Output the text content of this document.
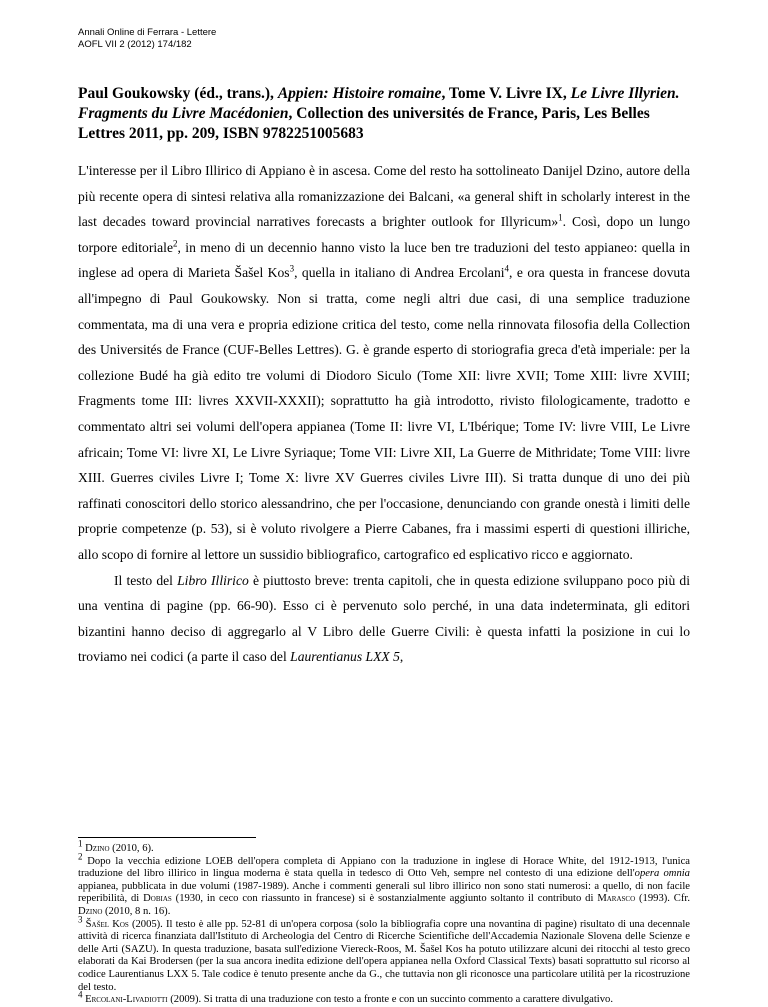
Annali Online di Ferrara - Lettere
AOFL VII 2 (2012) 174/182
Paul Goukowsky (éd., trans.), Appien: Histoire romaine, Tome V. Livre IX, Le Livre Illyrien. Fragments du Livre Macédonien, Collection des universités de France, Paris, Les Belles Lettres 2011, pp. 209, ISBN 9782251005683

L'interesse per il Libro Illirico di Appiano è in ascesa. Come del resto ha sottolineato Danijel Dzino, autore della più recente opera di sintesi relativa alla romanizzazione dei Balcani, «a general shift in scholarly interest in the last decades toward provincial narratives forecasts a brighter outlook for Illyricum»$^1$. Così, dopo un lungo torpore editoriale$^2$, in meno di un decennio hanno visto la luce ben tre traduzioni del testo appianeo: quella in inglese ad opera di Marieta Šašel Kos$^3$, quella in italiano di Andrea Ercolani$^4$, e ora questa in francese dovuta all'impegno di Paul Goukowsky. Non si tratta, come negli altri due casi, di una semplice traduzione commentata, ma di una vera e propria edizione critica del testo, come nella rinnovata filosofia della Collection des Universités de France (CUF-Belles Lettres). G. è grande esperto di storiografia greca d'età imperiale: per la collezione Budé ha già edito tre volumi di Diodoro Siculo (Tome XII: livre XVII; Tome XIII: livre XVIII; Fragments tome III: livres XXVII-XXXII); soprattutto ha già introdotto, rivisto filologicamente, tradotto e commentato altri sei volumi dell'opera appianea (Tome II: livre VI, L'Ibérique; Tome IV: livre VIII, Le Livre africain; Tome VI: livre XI, Le Livre Syriaque; Tome VII: Livre XII, La Guerre de Mithridate; Tome VIII: livre XIII. Guerres civiles Livre I; Tome X: livre XV Guerres civiles Livre III). Si tratta dunque di uno dei più raffinati conoscitori dello storico alessandrino, che per l'occasione, denunciando con grande onestà i limiti delle proprie competenze (p. 53), si è voluto rivolgere a Pierre Cabanes, fra i massimi esperti di questioni illiriche, allo scopo di fornire al lettore un sussidio bibliografico, cartografico ed esplicativo ricco e aggiornato.

Il testo del Libro Illirico è piuttosto breve: trenta capitoli, che in questa edizione sviluppano poco più di una ventina di pagine (pp. 66-90). Esso ci è pervenuto solo perché, in una data indeterminata, gli editori bizantini hanno deciso di aggregarlo al V Libro delle Guerre Civili: è questa infatti la posizione in cui lo troviamo nei codici (a parte il caso del Laurentianus LXX 5,

$^1$ Dzino (2010, 6).
$^2$ Dopo la vecchia edizione LOEB dell'opera completa di Appiano con la traduzione in inglese di Horace White, del 1912-1913, l'unica traduzione del libro illirico in lingua moderna è stata quella in tedesco di Otto Veh, sempre nel contesto di una edizione dell'opera omnia appianea, pubblicata in due volumi (1987-1989). Anche i commenti generali sul libro illirico non sono stati numerosi: a quello, di non facile reperibilità, di Dobias (1930, in ceco con riassunto in francese) si è sostanzialmente aggiunto soltanto il contributo di Marasco (1993). Cfr. Dzino (2010, 8 n. 16).
$^3$ Šašel Kos (2005). Il testo è alle pp. 52-81 di un'opera corposa (solo la bibliografia copre una novantina di pagine) risultato di una decennale attività di ricerca finanziata dall'Istituto di Archeologia del Centro di Ricerche Scientifiche dell'Accademia Nazionale Slovena delle Scienze e delle Arti (SAZU). In questa traduzione, basata sull'edizione Viereck-Roos, M. Šašel Kos ha potuto utilizzare alcuni dei ritocchi al testo greco elaborati da Kai Brodersen (per la sua ancora inedita edizione dell'opera appianea nella Oxford Classical Texts) basati soprattutto sul ricorso al codice Laurentianus LXX 5. Tale codice è tenuto presente anche da G., che tuttavia non gli riconosce una particolare utilità per la ricostruzione del testo.
$^4$ Ercolani-Livadiotti (2009). Si tratta di una traduzione con testo a fronte e con un succinto commento a carattere divulgativo.
